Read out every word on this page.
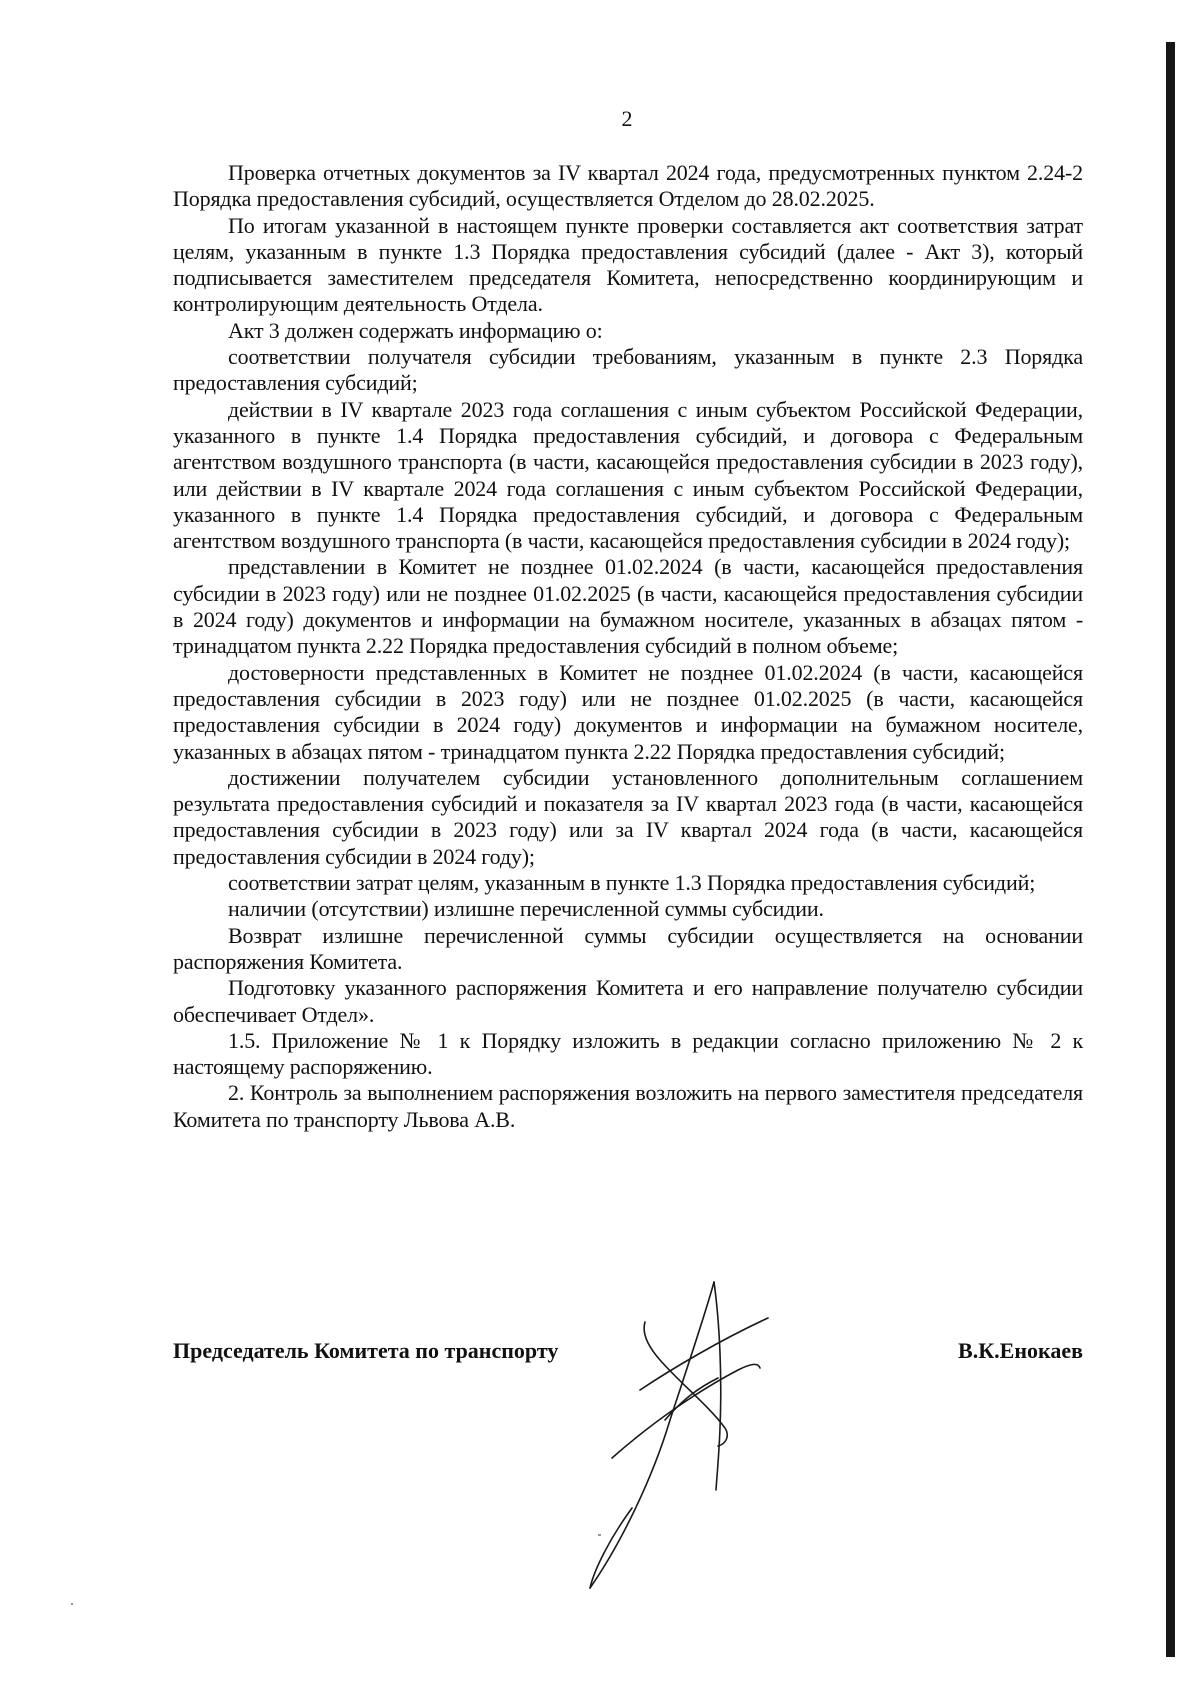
2

Проверка отчетных документов за IV квартал 2024 года, предусмотренных пунктом 2.24-2 Порядка предоставления субсидий, осуществляется Отделом до 28.02.2025.

По итогам указанной в настоящем пункте проверки составляется акт соответствия затрат целям, указанным в пункте 1.3 Порядка предоставления субсидий (далее - Акт 3), который подписывается заместителем председателя Комитета, непосредственно координирующим и контролирующим деятельность Отдела.

Акт 3 должен содержать информацию о:

соответствии получателя субсидии требованиям, указанным в пункте 2.3 Порядка предоставления субсидий;

действии в IV квартале 2023 года соглашения с иным субъектом Российской Федерации, указанного в пункте 1.4 Порядка предоставления субсидий, и договора с Федеральным агентством воздушного транспорта (в части, касающейся предоставления субсидии в 2023 году), или действии в IV квартале 2024 года соглашения с иным субъектом Российской Федерации, указанного в пункте 1.4 Порядка предоставления субсидий, и договора с Федеральным агентством воздушного транспорта (в части, касающейся предоставления субсидии в 2024 году);

представлении в Комитет не позднее 01.02.2024 (в части, касающейся предоставления субсидии в 2023 году) или не позднее 01.02.2025 (в части, касающейся предоставления субсидии в 2024 году) документов и информации на бумажном носителе, указанных в абзацах пятом - тринадцатом пункта 2.22 Порядка предоставления субсидий в полном объеме;

достоверности представленных в Комитет не позднее 01.02.2024 (в части, касающейся предоставления субсидии в 2023 году) или не позднее 01.02.2025 (в части, касающейся предоставления субсидии в 2024 году) документов и информации на бумажном носителе, указанных в абзацах пятом - тринадцатом пункта 2.22 Порядка предоставления субсидий;

достижении получателем субсидии установленного дополнительным соглашением результата предоставления субсидий и показателя за IV квартал 2023 года (в части, касающейся предоставления субсидии в 2023 году) или за IV квартал 2024 года (в части, касающейся предоставления субсидии в 2024 году);

соответствии затрат целям, указанным в пункте 1.3 Порядка предоставления субсидий;

наличии (отсутствии) излишне перечисленной суммы субсидии.

Возврат излишне перечисленной суммы субсидии осуществляется на основании распоряжения Комитета.

Подготовку указанного распоряжения Комитета и его направление получателю субсидии обеспечивает Отдел».

1.5. Приложение № 1 к Порядку изложить в редакции согласно приложению № 2 к настоящему распоряжению.

2. Контроль за выполнением распоряжения возложить на первого заместителя председателя Комитета по транспорту Львова А.В.

Председатель Комитета по транспорту	В.К.Енокаев
